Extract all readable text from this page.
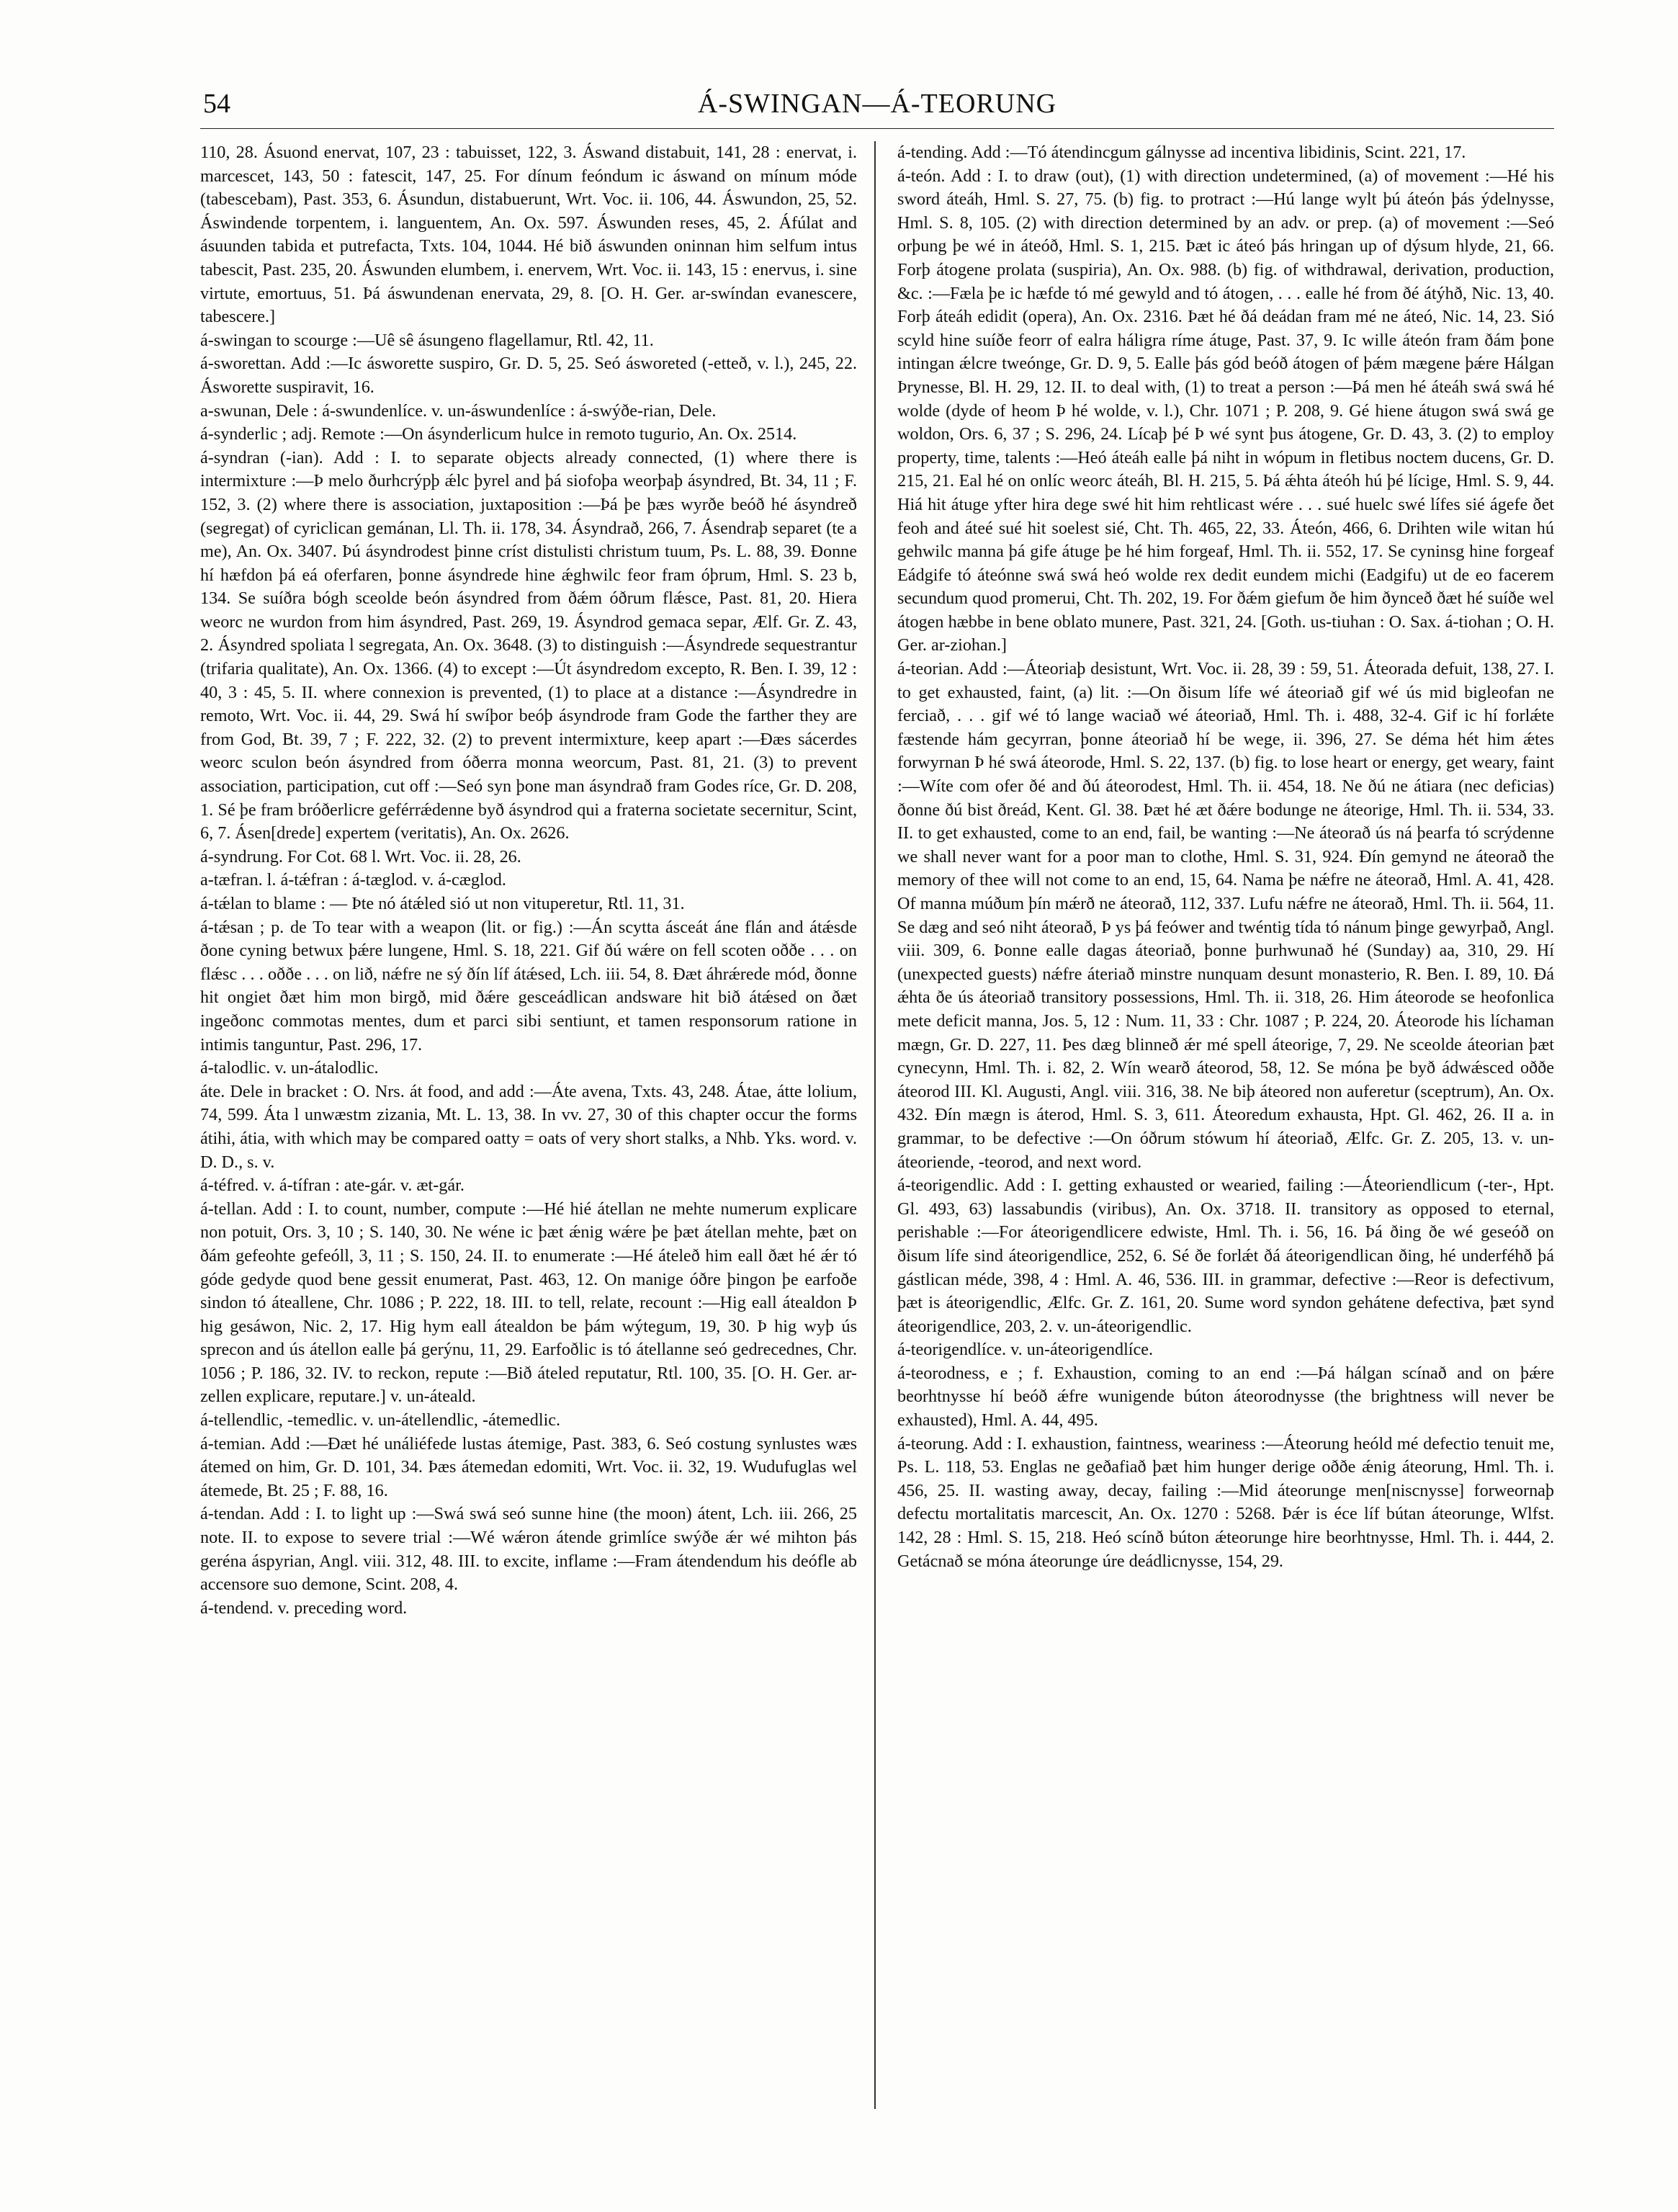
54	Á-SWINGAN—Á-TEORUNG

110, 28. Ásuond enervat, 107, 23 : tabuisset, 122, 3. Áswand distabuit, 141, 28 : enervat, i. marcescet, 143, 50 : fatescit, 147, 25. For dínum feóndum ic áswand on mínum móde (tabescebam), Past. 353, 6. Ásundun, distabuerunt, Wrt. Voc. ii. 106, 44. Áswundon, 25, 52. Áswindende torpentem, i. languentem, An. Ox. 597. Áswunden reses, 45, 2. Áfúlat and ásuunden tabida et putrefacta, Txts. 104, 1044. Hé bið áswunden oninnan him selfum intus tabescit, Past. 235, 20. Áswunden elumbem, i. enervem, Wrt. Voc. ii. 143, 15 : enervus, i. sine virtute, emortuus, 51. Þá áswundenan enervata, 29, 8. [O. H. Ger. ar-swíndan evanescere, tabescere.]

á-swingan to scourge :—Uê sê ásungeno flagellamur, Rtl. 42, 11.

á-sworettan. Add :—Ic ásworette suspiro, Gr. D. 5, 25. Seó ásworeted (-etteð, v. l.), 245, 22. Ásworette suspiravit, 16.

a-swunan, Dele : á-swundenlíce. v. un-áswundenlíce : á-swýðe-rian, Dele.

á-synderlic ; adj. Remote :—On ásynderlicum hulce in remoto tugurio, An. Ox. 2514.

á-syndran (-ian). Add : I. to separate objects already connected, (1) where there is intermixture :—Þ melo ðurhcrýpþ ǽlc þyrel and þá siofoþa weorþaþ ásyndred, Bt. 34, 11 ; F. 152, 3. (2) where there is association, juxtaposition :—Þá þe þæs wyrðe beóð hé ásyndreð (segregat) of cyriclican gemánan, Ll. Th. ii. 178, 34. Ásyndrað, 266, 7. Ásendraþ separet (te a me), An. Ox. 3407. Þú ásyndrodest þinne críst distulisti christum tuum, Ps. L. 88, 39. Ðonne hí hæfdon þá eá oferfaren, þonne ásyndrede hine ǽghwilc feor fram óþrum, Hml. S. 23 b, 134. Se suíðra bógh sceolde beón ásyndred from ðǽm óðrum flǽsce, Past. 81, 20. Hiera weorc ne wurdon from him ásyndred, Past. 269, 19. Ásyndrod gemaca separ, Ælf. Gr. Z. 43, 2. Ásyndred spoliata l segregata, An. Ox. 3648. (3) to distinguish :—Ásyndrede sequestrantur (trifaria qualitate), An. Ox. 1366. (4) to except :—Út ásyndredom excepto, R. Ben. I. 39, 12 : 40, 3 : 45, 5. II. where connexion is prevented, (1) to place at a distance :—Ásyndredre in remoto, Wrt. Voc. ii. 44, 29. Swá hí swíþor beóþ ásyndrode fram Gode the farther they are from God, Bt. 39, 7 ; F. 222, 32. (2) to prevent intermixture, keep apart :—Ðæs sácerdes weorc sculon beón ásyndred from óðerra monna weorcum, Past. 81, 21. (3) to prevent association, participation, cut off :—Seó syn þone man ásyndrað fram Godes ríce, Gr. D. 208, 1. Sé þe fram bróðerlicre geférrǽdenne byð ásyndrod qui a fraterna societate secernitur, Scint, 6, 7. Ásen[drede] expertem (veritatis), An. Ox. 2626.

á-syndrung. For Cot. 68 l. Wrt. Voc. ii. 28, 26.

a-tæfran. l. á-tǽfran : á-tæglod. v. á-cæglod.

á-tǽlan to blame : — Þte nó átǽled sió ut non vituperetur, Rtl. 11, 31.

á-tǽsan ; p. de To tear with a weapon (lit. or fig.) :—Án scytta ásceát áne flán and átǽsde ðone cyning betwux þǽre lungene, Hml. S. 18, 221. Gif ðú wǽre on fell scoten oððe . . . on flǽsc . . . oððe . . . on lið, nǽfre ne sý ðín líf átǽsed, Lch. iii. 54, 8. Ðæt áhrǽrede mód, ðonne hit ongiet ðæt him mon birgð, mid ðǽre gesceádlican andsware hit bið átǽsed on ðæt ingeðonc commotas mentes, dum et parci sibi sentiunt, et tamen responsorum ratione in intimis tanguntur, Past. 296, 17.

á-talodlic. v. un-átalodlic.

áte. Dele in bracket : O. Nrs. át food, and add :—Áte avena, Txts. 43, 248. Átae, átte lolium, 74, 599. Áta l unwæstm zizania, Mt. L. 13, 38. In vv. 27, 30 of this chapter occur the forms átihi, átia, with which may be compared oatty = oats of very short stalks, a Nhb. Yks. word. v. D. D., s. v.

á-téfred. v. á-tífran : ate-gár. v. æt-gár.

á-tellan. Add : I. to count, number, compute :—Hé hié átellan ne mehte numerum explicare non potuit, Ors. 3, 10 ; S. 140, 30. Ne wéne ic þæt ǽnig wǽre þe þæt átellan mehte, þæt on ðám gefeohte gefeóll, 3, 11 ; S. 150, 24. II. to enumerate :—Hé áteleð him eall ðæt hé ǽr tó góde gedyde quod bene gessit enumerat, Past. 463, 12. On manige óðre þingon þe earfoðe sindon tó áteallene, Chr. 1086 ; P. 222, 18. III. to tell, relate, recount :—Hig eall átealdon Þ hig gesáwon, Nic. 2, 17. Hig hym eall átealdon be þám wýtegum, 19, 30. Þ hig wyþ ús sprecon and ús átellon ealle þá gerýnu, 11, 29. Earfoðlic is tó átellanne seó gedrecednes, Chr. 1056 ; P. 186, 32. IV. to reckon, repute :—Bið áteled reputatur, Rtl. 100, 35. [O. H. Ger. ar-zellen explicare, reputare.] v. un-áteald.

á-tellendlic, -temedlic. v. un-átellendlic, -átemedlic.

á-temian. Add :—Ðæt hé unáliéfede lustas átemige, Past. 383, 6. Seó costung synlustes wæs átemed on him, Gr. D. 101, 34. Þæs átemedan edomiti, Wrt. Voc. ii. 32, 19. Wudufuglas wel átemede, Bt. 25 ; F. 88, 16.

á-tendan. Add : I. to light up :—Swá swá seó sunne hine (the moon) átent, Lch. iii. 266, 25 note. II. to expose to severe trial :—Wé wǽron átende grimlíce swýðe ǽr wé mihton þás geréna áspyrian, Angl. viii. 312, 48. III. to excite, inflame :—Fram átendendum his deófle ab accensore suo demone, Scint. 208, 4.

á-tendend. v. preceding word.

á-tending. Add :—Tó átendincgum gálnysse ad incentiva libidinis, Scint. 221, 17.

á-teón. Add : I. to draw (out), (1) with direction undetermined, (a) of movement :—Hé his sword áteáh, Hml. S. 27, 75. (b) fig. to protract :—Hú lange wylt þú áteón þás ýdelnysse, Hml. S. 8, 105. (2) with direction determined by an adv. or prep. (a) of movement :—Seó orþung þe wé in áteóð, Hml. S. 1, 215. Þæt ic áteó þás hringan up of dýsum hlyde, 21, 66. Forþ átogene prolata (suspiria), An. Ox. 988. (b) fig. of withdrawal, derivation, production, &c. :—Fæla þe ic hæfde tó mé gewyld and tó átogen, . . . ealle hé from ðé átýhð, Nic. 13, 40. Forþ áteáh edidit (opera), An. Ox. 2316. Þæt hé ðá deádan fram mé ne áteó, Nic. 14, 23. Sió scyld hine suíðe feorr of ealra háligra ríme átuge, Past. 37, 9. Ic wille áteón fram ðám þone intingan ǽlcre tweónge, Gr. D. 9, 5. Ealle þás gód beóð átogen of þǽm mægene þǽre Hálgan Þrynesse, Bl. H. 29, 12. II. to deal with, (1) to treat a person :—Þá men hé áteáh swá swá hé wolde (dyde of heom Þ hé wolde, v. l.), Chr. 1071 ; P. 208, 9. Gé hiene átugon swá swá ge woldon, Ors. 6, 37 ; S. 296, 24. Lícaþ þé Þ wé synt þus átogene, Gr. D. 43, 3. (2) to employ property, time, talents :—Heó áteáh ealle þá niht in wópum in fletibus noctem ducens, Gr. D. 215, 21. Eal hé on onlíc weorc áteáh, Bl. H. 215, 5. Þá ǽhta áteóh hú þé lícige, Hml. S. 9, 44. Hiá hit átuge yfter hira dege swé hit him rehtlicast wére . . . sué huelc swé lífes sié ágefe ðet feoh and áteé sué hit soelest sié, Cht. Th. 465, 22, 33. Áteón, 466, 6. Drihten wile witan hú gehwilc manna þá gife átuge þe hé him forgeaf, Hml. Th. ii. 552, 17. Se cyninsg hine forgeaf Eádgife tó áteónne swá swá heó wolde rex dedit eundem michi (Eadgifu) ut de eo facerem secundum quod promerui, Cht. Th. 202, 19. For ðǽm giefum ðe him ðynceð ðæt hé suíðe wel átogen hæbbe in bene oblato munere, Past. 321, 24. [Goth. us-tiuhan : O. Sax. á-tiohan ; O. H. Ger. ar-ziohan.]

á-teorian. Add :—Áteoriaþ desistunt, Wrt. Voc. ii. 28, 39 : 59, 51. Áteorada defuit, 138, 27. I. to get exhausted, faint, (a) lit. :—On ðisum lífe wé áteoriað gif wé ús mid bigleofan ne ferciað, . . . gif wé tó lange waciað wé áteoriað, Hml. Th. i. 488, 32-4. Gif ic hí forlǽte fæstende hám gecyrran, þonne áteoriað hí be wege, ii. 396, 27. Se déma hét him ǽtes forwyrnan Þ hé swá áteorode, Hml. S. 22, 137. (b) fig. to lose heart or energy, get weary, faint :—Wíte com ofer ðé and ðú áteorodest, Hml. Th. ii. 454, 18. Ne ðú ne átiara (nec deficias) ðonne ðú bist ðreád, Kent. Gl. 38. Þæt hé æt ðǽre bodunge ne áteorige, Hml. Th. ii. 534, 33. II. to get exhausted, come to an end, fail, be wanting :—Ne áteorað ús ná þearfa tó scrýdenne we shall never want for a poor man to clothe, Hml. S. 31, 924. Ðín gemynd ne áteorað the memory of thee will not come to an end, 15, 64. Nama þe nǽfre ne áteorað, Hml. A. 41, 428. Of manna múðum þín mǽrð ne áteorað, 112, 337. Lufu nǽfre ne áteorað, Hml. Th. ii. 564, 11. Se dæg and seó niht áteorað, Þ ys þá feówer and twéntig tída tó nánum þinge gewyrþað, Angl. viii. 309, 6. Þonne ealle dagas áteoriað, þonne þurhwunað hé (Sunday) aa, 310, 29. Hí (unexpected guests) nǽfre áteriað minstre nunquam desunt monasterio, R. Ben. I. 89, 10. Ðá ǽhta ðe ús áteoriað transitory possessions, Hml. Th. ii. 318, 26. Him áteorode se heofonlica mete deficit manna, Jos. 5, 12 : Num. 11, 33 : Chr. 1087 ; P. 224, 20. Áteorode his líchaman mægn, Gr. D. 227, 11. Þes dæg blinneð ǽr mé spell áteorige, 7, 29. Ne sceolde áteorian þæt cynecynn, Hml. Th. i. 82, 2. Wín wearð áteorod, 58, 12. Se móna þe byð ádwǽsced oððe áteorod III. Kl. Augusti, Angl. viii. 316, 38. Ne biþ áteored non auferetur (sceptrum), An. Ox. 432. Ðín mægn is áterod, Hml. S. 3, 611. Áteoredum exhausta, Hpt. Gl. 462, 26. II a. in grammar, to be defective :—On óðrum stówum hí áteoriað, Ælfc. Gr. Z. 205, 13. v. un-áteoriende, -teorod, and next word.

á-teorigendlic. Add : I. getting exhausted or wearied, failing :—Áteoriendlicum (-ter-, Hpt. Gl. 493, 63) lassabundis (viribus), An. Ox. 3718. II. transitory as opposed to eternal, perishable :—For áteorigendlicere edwiste, Hml. Th. i. 56, 16. Þá ðing ðe wé geseóð on ðisum lífe sind áteorigendlice, 252, 6. Sé ðe forlǽt ðá áteorigendlican ðing, hé underféhð þá gástlican méde, 398, 4 : Hml. A. 46, 536. III. in grammar, defective :—Reor is defectivum, þæt is áteorigendlic, Ælfc. Gr. Z. 161, 20. Sume word syndon gehátene defectiva, þæt synd áteorigendlice, 203, 2. v. un-áteorigendlic.

á-teorigendlíce. v. un-áteorigendlíce.

á-teorodness, e ; f. Exhaustion, coming to an end :—Þá hálgan scínað and on þǽre beorhtnysse hí beóð ǽfre wunigende búton áteorodnysse (the brightness will never be exhausted), Hml. A. 44, 495.

á-teorung. Add : I. exhaustion, faintness, weariness :—Áteorung heóld mé defectio tenuit me, Ps. L. 118, 53. Englas ne geðafiað þæt him hunger derige oððe ǽnig áteorung, Hml. Th. i. 456, 25. II. wasting away, decay, failing :—Mid áteorunge men[niscnysse] forweornaþ defectu mortalitatis marcescit, An. Ox. 1270 : 5268. Þǽr is éce líf bútan áteorunge, Wlfst. 142, 28 : Hml. S. 15, 218. Heó scínð búton ǽteorunge hire beorhtnysse, Hml. Th. i. 444, 2. Getácnað se móna áteorunge úre deádlicnysse, 154, 29.
